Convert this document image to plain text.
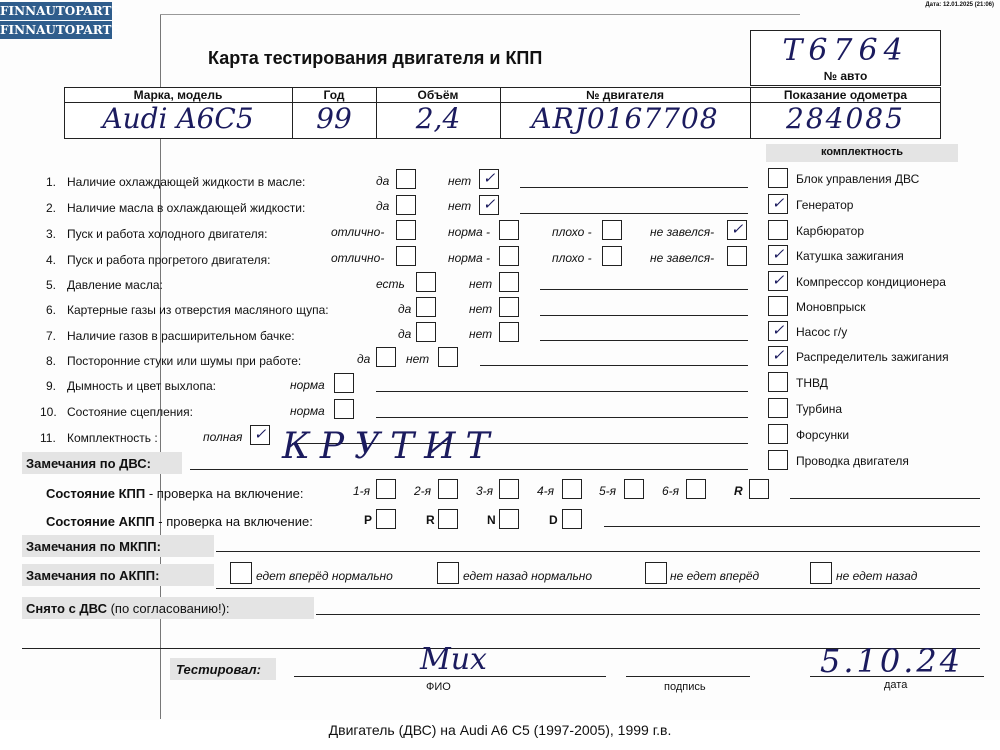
FINNAUTOPARTS
FINNAUTOPARTS
Дата: 12.01.2025 (21:06)
Карта тестирования двигателя и КПП	T6764
№ авто
Марка, модель	Год	Объём	№ двигателя	Показание одометра
Audi A6C5	99	2,4	ARJ0167708	284085
комплектность
Блок управления ДВС
✓ Генератор
Карбюратор
✓ Катушка зажигания
✓ Компрессор кондиционера
Моновпрыск
✓ Насос г/у
✓ Распределитель зажигания
ТНВД
Турбина
Форсунки
Проводка двигателя
1. Наличие охлаждающей жидкости в масле:	да	нет ✓
2. Наличие масла в охлаждающей жидкости:	да	нет ✓
3. Пуск и работа холодного двигателя:	отлично-	норма -	плохо -	не завелся- ✓
4. Пуск и работа прогретого двигателя:	отлично-	норма -	плохо -	не завелся-
5. Давление масла:	есть	нет
6. Картерные газы из отверстия масляного щупа:	да	нет
7. Наличие газов в расширительном бачке:	да	нет
8. Посторонние стуки или шумы при работе:	да	нет
9. Дымность и цвет выхлопа:	норма
10. Состояние сцепления:	норма
11. Комплектность :	полная ✓
Замечания по ДВС:	КРУТИТ
Состояние КПП - проверка на включение:	1-я	2-я	3-я	4-я	5-я	6-я	R
Состояние АКПП - проверка на включение:	P	R	N	D
Замечания по МКПП:
Замечания по АКПП:	едет вперёд нормально	едет назад нормально	не едет вперёд	не едет назад
Снято с ДВС (по согласованию!):
Тестировал:	Мих	5.10.24
ФИО	подпись	дата
Двигатель (ДВС) на Audi A6 C5 (1997-2005), 1999 г.в.
